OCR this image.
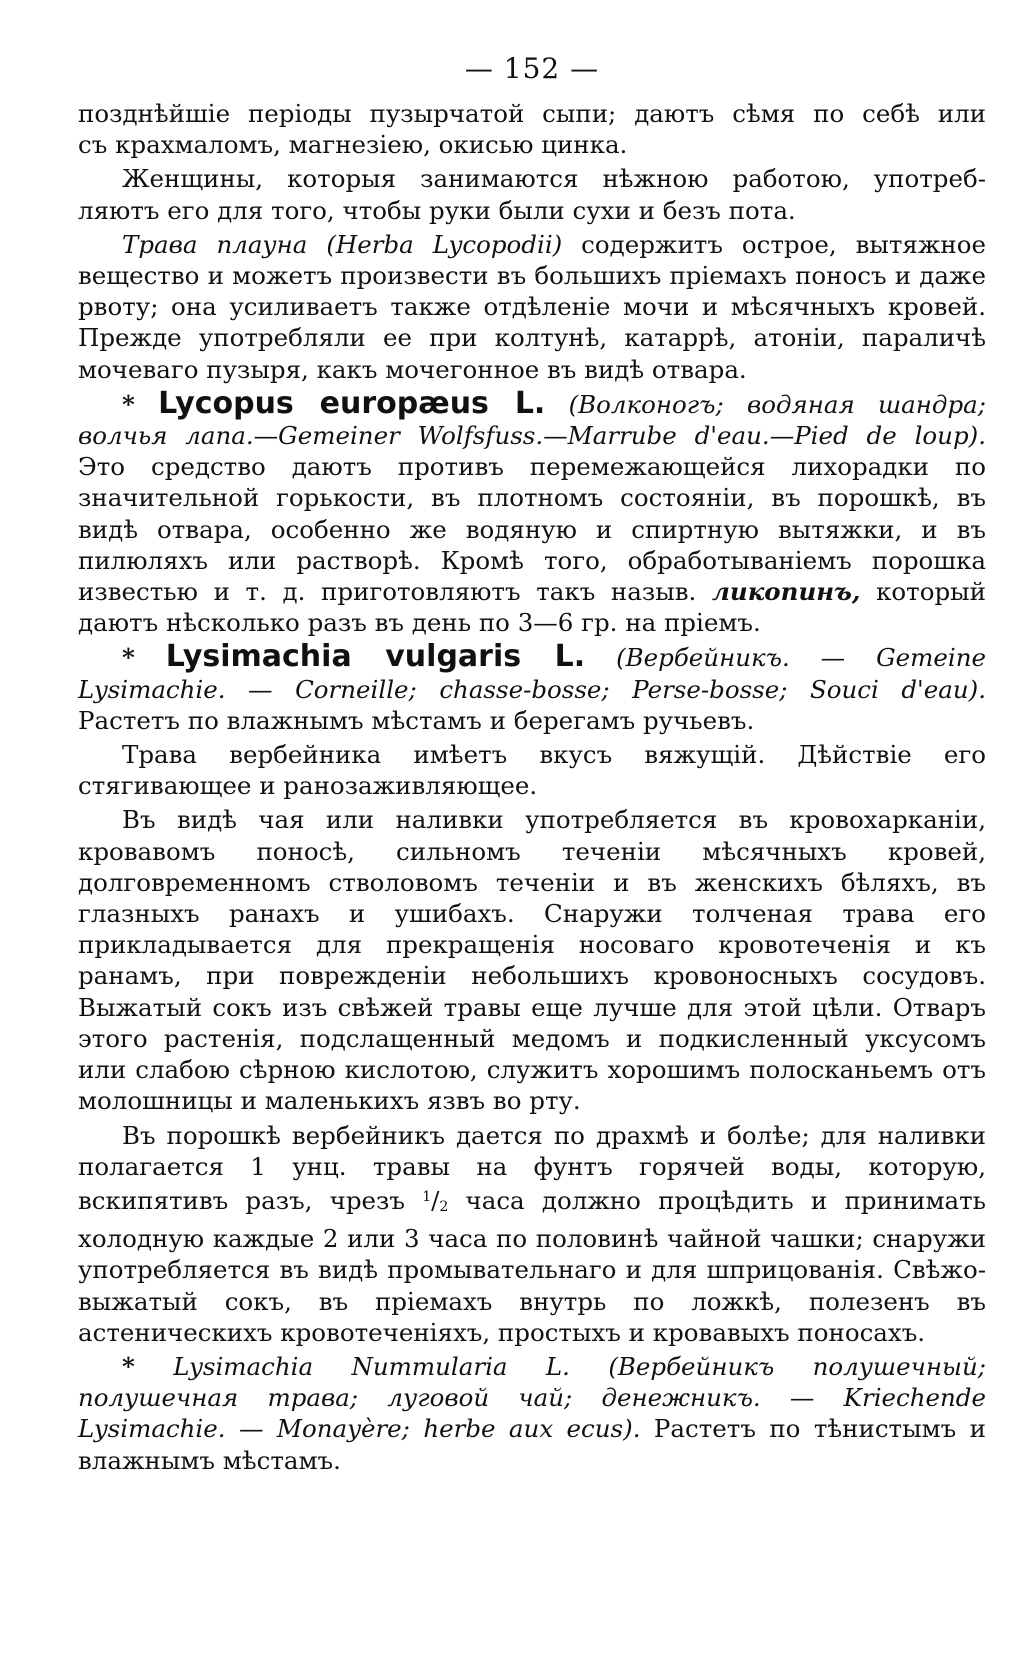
— 152 —

позднѣйшіе періоды пузырчатой сыпи; даютъ сѣмя по себѣ или

съ крахмаломъ, магнезіею, окисью цинка.

Женщины, которыя занимаются нѣжною работою, употреб-

ляютъ его для того, чтобы руки были сухи и безъ пота.

Трава плауна (Herba Lycopodii) содержитъ острое, вытяжное вещество и можетъ произвести въ большихъ пріемахъ поносъ и даже рвоту; она усиливаетъ также отдѣленіе мочи и мѣсячныхъ кровей. Прежде употребляли ее при колтунѣ, катаррѣ, атоніи, параличѣ мочеваго пузыря, какъ мочегонное въ видѣ отвара.

* Lycopus europæus L. (Волконогъ; водяная шандра; волчья лапа.—Gemeiner Wolfsfuss.—Marrube d'eau.—Pied de loup). Это средство даютъ противъ перемежающейся лихорадки по значительной горькости, въ плотномъ состояніи, въ порошкѣ, въ видѣ отвара, особенно же водяную и спиртную вытяжки, и въ пилюляхъ или растворѣ. Кромѣ того, обработываніемъ порошка известью и т. д. приготовляютъ такъ назыв. ликопинъ, который даютъ нѣсколько разъ въ день по 3—6 гр. на пріемъ.

* Lysimachia vulgaris L. (Вербейникъ. — Gemeine Lysimachie. — Corneille; chasse-bosse; Perse-bosse; Souci d'eau). Растетъ по влажнымъ мѣстамъ и берегамъ ручьевъ.

Трава вербейника имѣетъ вкусъ вяжущій. Дѣйствіе его стягивающее и ранозаживляющее.

Въ видѣ чая или наливки употребляется въ кровохарканіи, кровавомъ поносѣ, сильномъ теченіи мѣсячныхъ кровей, долговременномъ стволовомъ теченіи и въ женскихъ бѣляхъ, въ глазныхъ ранахъ и ушибахъ. Снаружи толченая трава его прикладывается для прекращенія носоваго кровотеченія и къ ранамъ, при поврежденіи небольшихъ кровоносныхъ сосудовъ. Выжатый сокъ изъ свѣжей травы еще лучше для этой цѣли. Отваръ этого растенія, подслащенный медомъ и подкисленный уксусомъ или слабою сѣрною кислотою, служитъ хорошимъ полосканьемъ отъ молошницы и маленькихъ язвъ во рту.

Въ порошкѣ вербейникъ дается по драхмѣ и болѣе; для наливки полагается 1 унц. травы на фунтъ горячей воды, которую, вскипятивъ разъ, чрезъ $^1/_2$ часа должно процѣдить и принимать холодную каждые 2 или 3 часа по половинѣ чайной чашки; снаружи употребляется въ видѣ промывательнаго и для шприцованія. Свѣжо-выжатый сокъ, въ пріемахъ внутрь по ложкѣ, полезенъ въ астеническихъ кровотеченіяхъ, простыхъ и кровавыхъ поносахъ.

* Lysimachia Nummularia L. (Вербейникъ полушечный; полушечная трава; луговой чай; денежникъ. — Kriechende Lysimachie. — Monayère; herbe aux ecus). Растетъ по тѣнистымъ и влажнымъ мѣстамъ.
